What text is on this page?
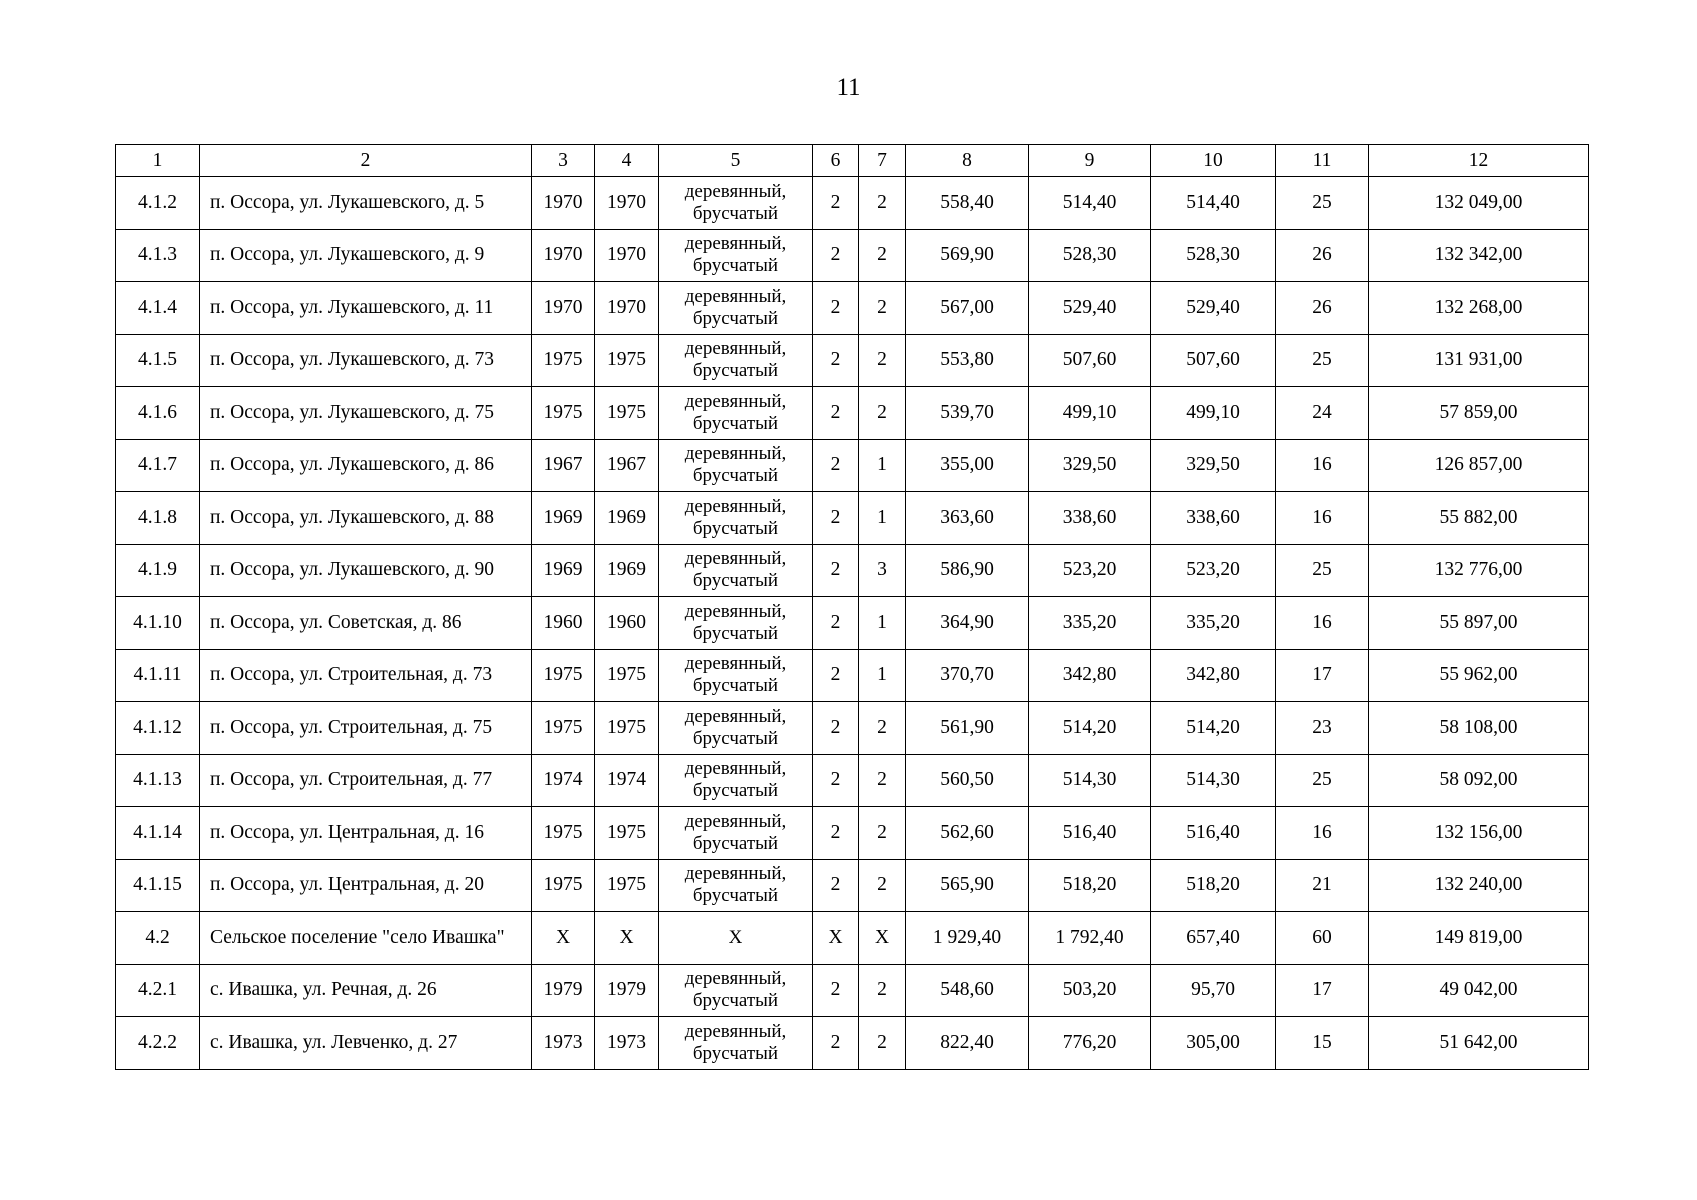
11
1	2	3	4	5	6	7	8	9	10	11	12
4.1.2	п. Оссора, ул. Лукашевского, д. 5	1970	1970	деревянный, брусчатый	2	2	558,40	514,40	514,40	25	132 049,00
4.1.3	п. Оссора, ул. Лукашевского, д. 9	1970	1970	деревянный, брусчатый	2	2	569,90	528,30	528,30	26	132 342,00
4.1.4	п. Оссора, ул. Лукашевского, д. 11	1970	1970	деревянный, брусчатый	2	2	567,00	529,40	529,40	26	132 268,00
4.1.5	п. Оссора, ул. Лукашевского, д. 73	1975	1975	деревянный, брусчатый	2	2	553,80	507,60	507,60	25	131 931,00
4.1.6	п. Оссора, ул. Лукашевского, д. 75	1975	1975	деревянный, брусчатый	2	2	539,70	499,10	499,10	24	57 859,00
4.1.7	п. Оссора, ул. Лукашевского, д. 86	1967	1967	деревянный, брусчатый	2	1	355,00	329,50	329,50	16	126 857,00
4.1.8	п. Оссора, ул. Лукашевского, д. 88	1969	1969	деревянный, брусчатый	2	1	363,60	338,60	338,60	16	55 882,00
4.1.9	п. Оссора, ул. Лукашевского, д. 90	1969	1969	деревянный, брусчатый	2	3	586,90	523,20	523,20	25	132 776,00
4.1.10	п. Оссора, ул. Советская, д. 86	1960	1960	деревянный, брусчатый	2	1	364,90	335,20	335,20	16	55 897,00
4.1.11	п. Оссора, ул. Строительная, д. 73	1975	1975	деревянный, брусчатый	2	1	370,70	342,80	342,80	17	55 962,00
4.1.12	п. Оссора, ул. Строительная, д. 75	1975	1975	деревянный, брусчатый	2	2	561,90	514,20	514,20	23	58 108,00
4.1.13	п. Оссора, ул. Строительная, д. 77	1974	1974	деревянный, брусчатый	2	2	560,50	514,30	514,30	25	58 092,00
4.1.14	п. Оссора, ул. Центральная, д. 16	1975	1975	деревянный, брусчатый	2	2	562,60	516,40	516,40	16	132 156,00
4.1.15	п. Оссора, ул. Центральная, д. 20	1975	1975	деревянный, брусчатый	2	2	565,90	518,20	518,20	21	132 240,00
4.2	Сельское поселение "село Ивашка"	Х	Х	Х	Х	Х	1 929,40	1 792,40	657,40	60	149 819,00
4.2.1	с. Ивашка, ул. Речная, д. 26	1979	1979	деревянный, брусчатый	2	2	548,60	503,20	95,70	17	49 042,00
4.2.2	с. Ивашка, ул. Левченко, д. 27	1973	1973	деревянный, брусчатый	2	2	822,40	776,20	305,00	15	51 642,00
